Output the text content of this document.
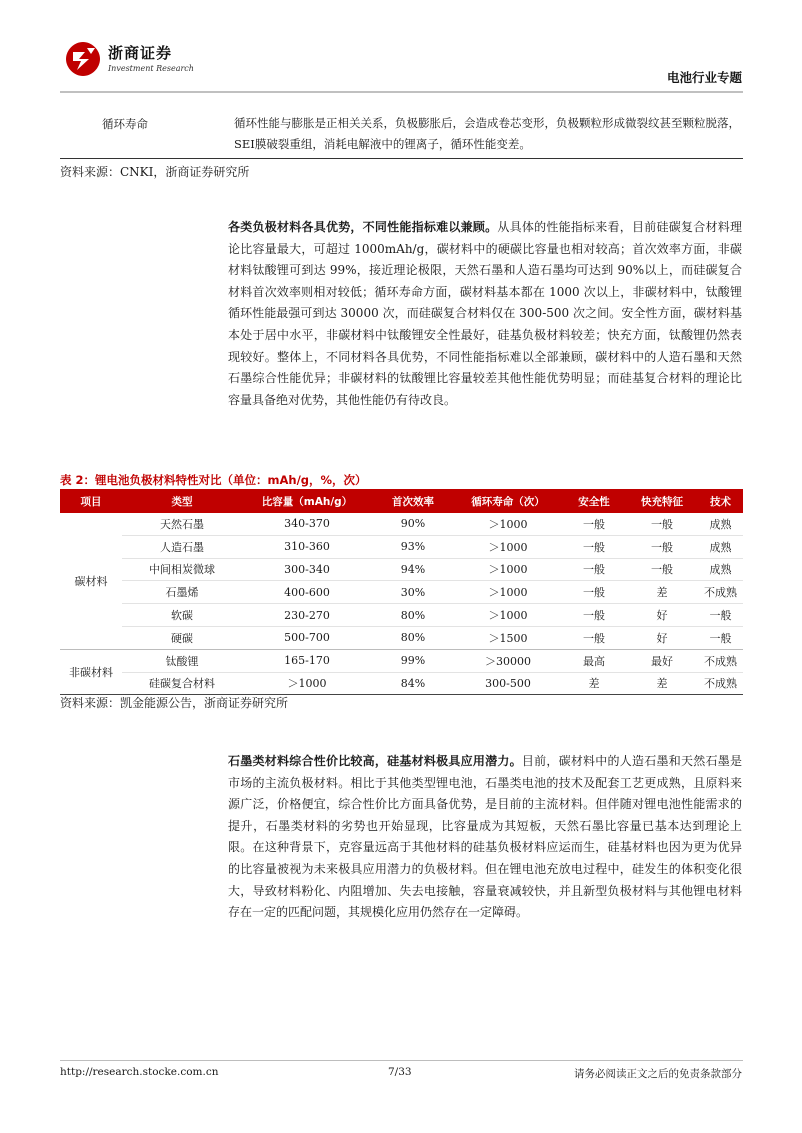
浙商证券
Investment Research
电池行业专题
循环寿命	循环性能与膨胀是正相关关系，负极膨胀后，会造成卷芯变形，负极颗粒形成微裂纹甚至颗粒脱落，SEI膜破裂重组，消耗电解液中的锂离子，循环性能变差。
资料来源：CNKI，浙商证券研究所
各类负极材料各具优势，不同性能指标难以兼顾。从具体的性能指标来看，目前硅碳复合材料理论比容量最大，可超过 1000mAh/g，碳材料中的硬碳比容量也相对较高；首次效率方面，非碳材料钛酸锂可到达 99%，接近理论极限，天然石墨和人造石墨均可达到 90%以上，而硅碳复合材料首次效率则相对较低；循环寿命方面，碳材料基本都在 1000 次以上，非碳材料中，钛酸锂循环性能最强可到达 30000 次，而硅碳复合材料仅在 300-500 次之间。安全性方面，碳材料基本处于居中水平，非碳材料中钛酸锂安全性最好，硅基负极材料较差；快充方面，钛酸锂仍然表现较好。整体上，不同材料各具优势，不同性能指标难以全部兼顾，碳材料中的人造石墨和天然石墨综合性能优异；非碳材料的钛酸锂比容量较差其他性能优势明显；而硅基复合材料的理论比容量具备绝对优势，其他性能仍有待改良。
表 2：锂电池负极材料特性对比（单位：mAh/g，%，次）
项目	类型	比容量（mAh/g）	首次效率	循环寿命（次）	安全性	快充特征	技术
碳材料	天然石墨	340-370	90%	＞1000	一般	一般	成熟
	人造石墨	310-360	93%	＞1000	一般	一般	成熟
	中间相炭微球	300-340	94%	＞1000	一般	一般	成熟
	石墨烯	400-600	30%	＞1000	一般	差	不成熟
	软碳	230-270	80%	＞1000	一般	好	一般
	硬碳	500-700	80%	＞1500	一般	好	一般
非碳材料	钛酸锂	165-170	99%	＞30000	最高	最好	不成熟
	硅碳复合材料	＞1000	84%	300-500	差	差	不成熟
资料来源：凯金能源公告，浙商证券研究所
石墨类材料综合性价比较高，硅基材料极具应用潜力。目前，碳材料中的人造石墨和天然石墨是市场的主流负极材料。相比于其他类型锂电池，石墨类电池的技术及配套工艺更成熟，且原料来源广泛，价格便宜，综合性价比方面具备优势，是目前的主流材料。但伴随对锂电池性能需求的提升，石墨类材料的劣势也开始显现，比容量成为其短板，天然石墨比容量已基本达到理论上限。在这种背景下，克容量远高于其他材料的硅基负极材料应运而生，硅基材料也因为更为优异的比容量被视为未来极具应用潜力的负极材料。但在锂电池充放电过程中，硅发生的体积变化很大，导致材料粉化、内阻增加、失去电接触，容量衰减较快，并且新型负极材料与其他锂电材料存在一定的匹配问题，其规模化应用仍然存在一定障碍。
http://research.stocke.com.cn	7/33	请务必阅读正文之后的免责条款部分
